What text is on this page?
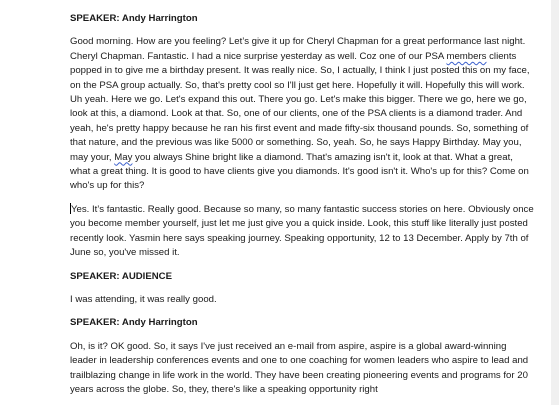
SPEAKER: Andy Harrington

Good morning. How are you feeling? Let’s give it up for Cheryl Chapman for a great performance last night. Cheryl Chapman. Fantastic. I had a nice surprise yesterday as well. Coz one of our PSA members clients popped in to give me a birthday present. It was really nice. So, I actually, I think I just posted this on my face, on the PSA group actually. So, that's pretty cool so I'll just get here. Hopefully it will. Hopefully this will work. Uh yeah. Here we go. Let's expand this out. There you go. Let's make this bigger. There we go, here we go, look at this, a diamond. Look at that. So, one of our clients, one of the PSA clients is a diamond trader. And yeah, he's pretty happy because he ran his first event and made fifty-six thousand pounds. So, something of that nature, and the previous was like 5000 or something. So, yeah. So, he says Happy Birthday. May you, may your, May you always Shine bright like a diamond. That's amazing isn't it, look at that. What a great, what a great thing. It is good to have clients give you diamonds. It's good isn't it. Who's up for this? Come on who's up for this?

Yes. It’s fantastic. Really good. Because so many, so many fantastic success stories on here. Obviously once you become member yourself, just let me just give you a quick inside. Look, this stuff like literally just posted recently look. Yasmin here says speaking journey. Speaking opportunity, 12 to 13 December. Apply by 7th of June so, you've missed it.

SPEAKER: AUDIENCE

I was attending, it was really good.

SPEAKER: Andy Harrington

Oh, is it? OK good. So, it says I've just received an e-mail from aspire, aspire is a global award-winning leader in leadership conferences events and one to one coaching for women leaders who aspire to lead and trailblazing change in life work in the world. They have been creating pioneering events and programs for 20 years across the globe. So, they, there's like a speaking opportunity right
